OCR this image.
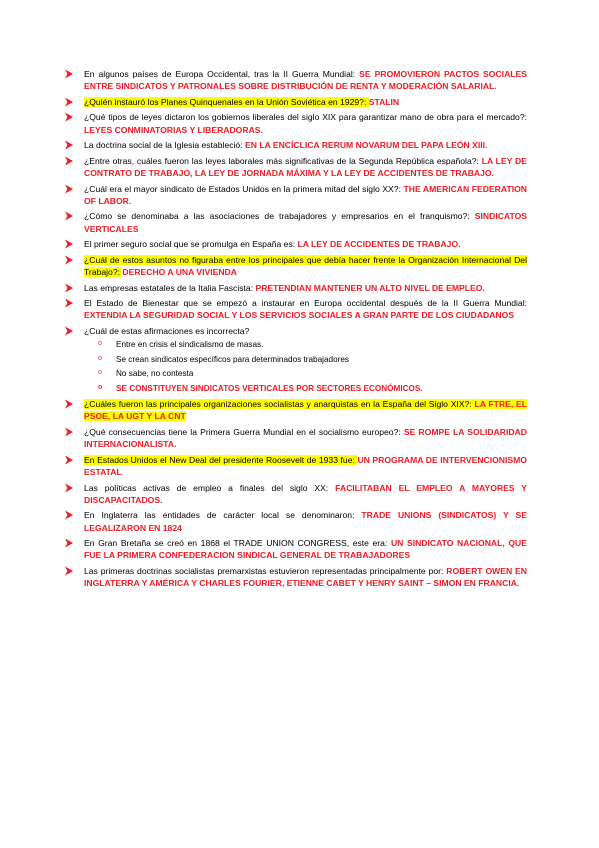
En algunos países de Europa Occidental, tras la II Guerra Mundial: SE PROMOVIERON PACTOS SOCIALES ENTRE SINDICATOS Y PATRONALES SOBRE DISTRIBUCIÓN DE RENTA Y MODERACIÓN SALARIAL.
¿Quién instauró los Planes Quinquenales en la Unión Soviética en 1929?: STALIN
¿Qué tipos de leyes dictaron los gobiernos liberales del siglo XIX para garantizar mano de obra para el mercado?: LEYES CONMINATORIAS Y LIBERADORAS.
La doctrina social de la Iglesia estableció: EN LA ENCÍCLICA RERUM NOVARUM DEL PAPA LEÓN XIII.
¿Entre otras, cuáles fueron las leyes laborales más significativas de la Segunda República española?: LA LEY DE CONTRATO DE TRABAJO, LA LEY DE JORNADA MÁXIMA Y LA LEY DE ACCIDENTES DE TRABAJO.
¿Cuál era el mayor sindicato de Estados Unidos en la primera mitad del siglo XX?: THE AMERICAN FEDERATION OF LABOR.
¿Cómo se denominaba a las asociaciones de trabajadores y empresarios en el franquismo?: SINDICATOS VERTICALES
El primer seguro social que se promulga en España es: LA LEY DE ACCIDENTES DE TRABAJO.
¿Cuál de estos asuntos no figuraba entre los principales que debía hacer frente la Organización Internacional Del Trabajo?: DERECHO A UNA VIVIENDA
Las empresas estatales de la Italia Fascista: PRETENDIAN MANTENER UN ALTO NIVEL DE EMPLEO.
El Estado de Bienestar que se empezó a instaurar en Europa occidental después de la II Guerra Mundial: EXTENDIA LA SEGURIDAD SOCIAL Y LOS SERVICIOS SOCIALES A GRAN PARTE DE LOS CIUDADANOS
¿Cuál de estas afirmaciones es incorrecta?
o Entre en crisis el sindicalismo de masas.
o Se crean sindicatos específicos para determinados trabajadores
o No sabe, no contesta
o SE CONSTITUYEN SINDICATOS VERTICALES POR SECTORES ECONÓMICOS.
¿Cuáles fueron las principales organizaciones socialistas y anarquistas en la España del Siglo XIX?: LA FTRE, EL PSOE, LA UGT Y LA CNT
¿Qué consecuencias tiene la Primera Guerra Mundial en el socialismo europeo?: SE ROMPE LA SOLIDARIDAD INTERNACIONALISTA.
En Estados Unidos el New Deal del presidente Roosevelt de 1933 fue: UN PROGRAMA DE INTERVENCIONISMO ESTATAL
Las políticas activas de empleo a finales del siglo XX: FACILITABAN EL EMPLEO A MAYORES Y DISCAPACITADOS.
En Inglaterra las entidades de carácter local se denominaron: TRADE UNIONS (SINDICATOS) Y SE LEGALIZARON EN 1824
En Gran Bretaña se creó en 1868 el TRADE UNION CONGRESS, este era: UN SINDICATO NACIONAL, QUE FUE LA PRIMERA CONFEDERACION SINDICAL GENERAL DE TRABAJADORES
Las primeras doctrinas socialistas premarxistas estuvieron representadas principalmente por: ROBERT OWEN EN INGLATERRA Y AMÉRICA Y CHARLES FOURIER, ETIENNE CABET Y HENRY SAINT – SIMON EN FRANCIA.
